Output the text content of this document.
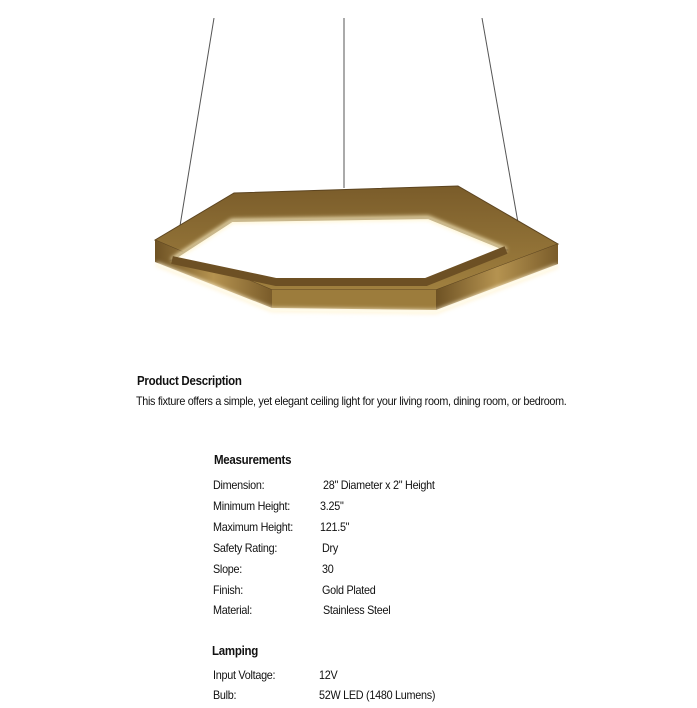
Product Description
This fixture offers a simple, yet elegant ceiling light for your living room, dining room, or bedroom.
Measurements
Dimension:	28" Diameter x 2" Height
Minimum Height:	3.25"
Maximum Height: 121.5"
Safety Rating:	Dry
Slope:	30
Finish:	Gold Plated
Material:	Stainless Steel
Lamping
Input Voltage:	12V
Bulb:	52W LED (1480 Lumens)
